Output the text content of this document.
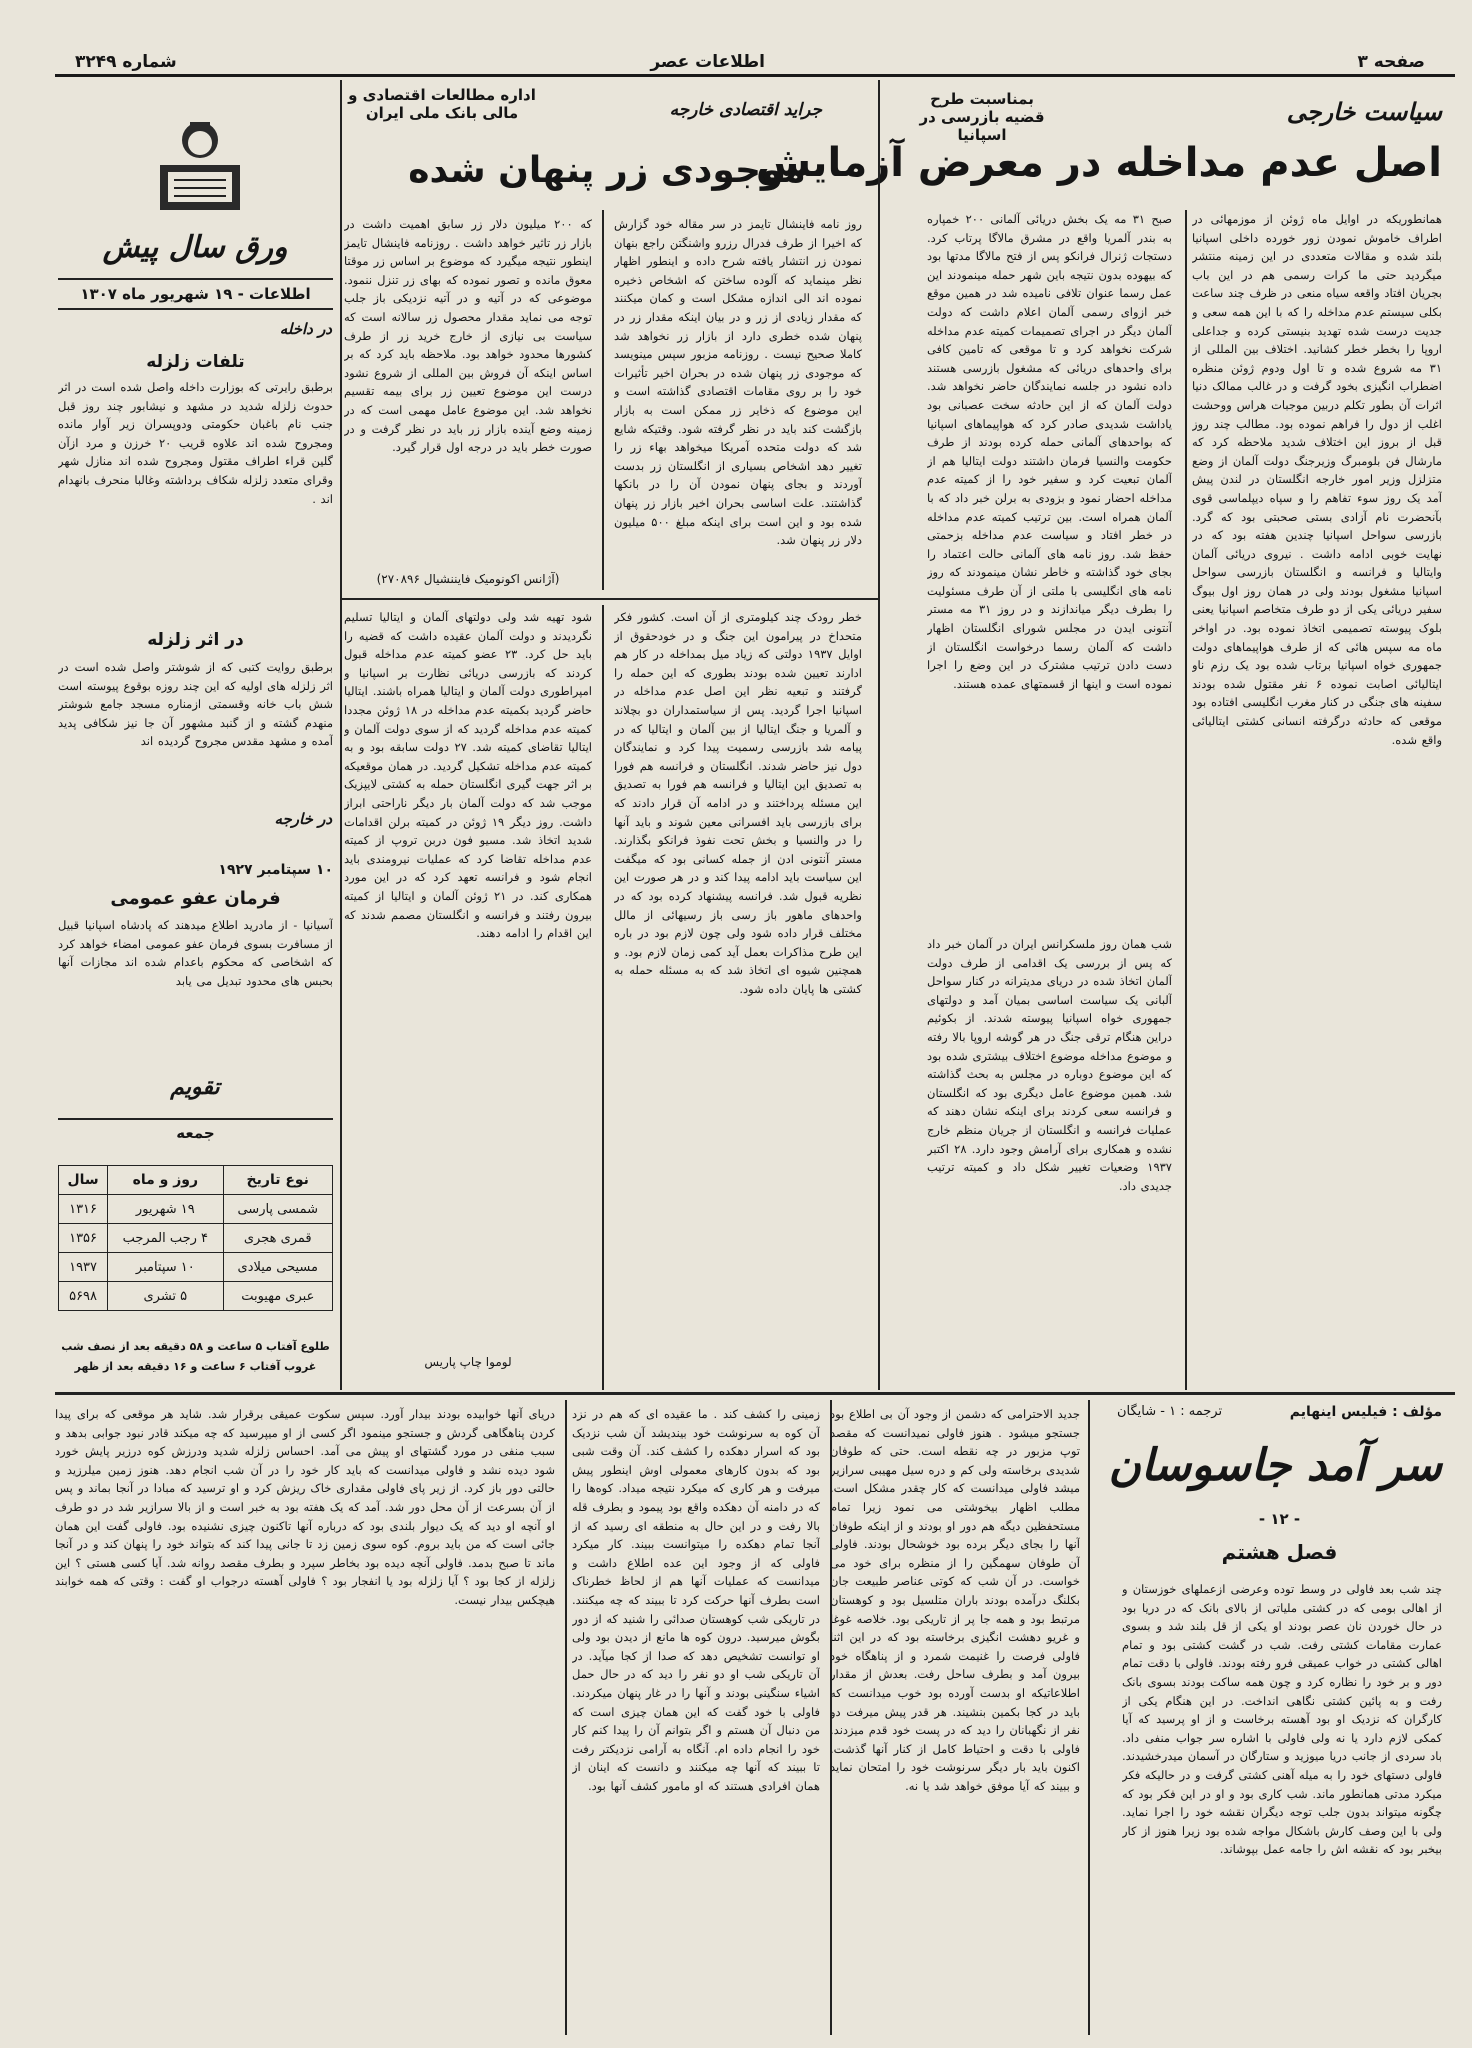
صفحه ۳
اطلاعات عصر
شماره ۳۲۴۹
سیاست خارجی
بمناسبت طرح قضیه بازرسی در اسپانیا
اصل عدم مداخله در معرض آزمایش
همانطوریکه در اوایل ماه ژوئن از موزمهائی در اطراف خاموش نمودن زور خورده داخلی اسپانیا بلند شده و مقالات متعددی در این زمینه منتشر میگردید حتی ما کرات رسمی هم در این باب بجریان افتاد واقعه سیاه منعی در ظرف چند ساعت بکلی سیستم عدم مداخله را که با این همه سعی و جدیت درست شده تهدید بنیستی کرده و جداعلی اروپا را بخطر خطر کشانید. اختلاف بین المللی از ۳۱ مه شروع شده و تا اول ودوم ژوئن منظره اضطراب انگیزی بخود گرفت و در غالب ممالک دنیا اثرات آن بطور تکلم دربین موجبات هراس ووحشت اغلب از دول را فراهم نموده بود. مطالب چند روز قبل از بروز این اختلاف شدید ملاحظه کرد که مارشال فن بلومبرگ وزیرجنگ دولت آلمان از وضع متزلزل وزیر امور خارجه انگلستان در لندن پیش آمد یک روز سوء تفاهم را و سپاه دیپلماسی قوی بآنحضرت نام آزادی بستی صحبتی بود که گرد. بازرسی سواحل اسپانیا چندین هفته بود که در نهایت خوبی ادامه داشت . نیروی دریائی آلمان وایتالیا و فرانسه و انگلستان بازرسی سواحل اسپانیا مشغول بودند ولی در همان روز اول بیوگ سفیر دریائی یکی از دو طرف متخاصم اسپانیا یعنی بلوک پیوسته تصمیمی اتخاذ نموده بود. در اواخر ماه مه سپس هائی که از طرف هواپیماهای دولت جمهوری خواه اسپانیا برتاب شده بود یک رزم ناو ایتالیائی اصابت نموده ۶ نفر مقتول شده بودند سفینه های جنگی در کنار مغرب انگلیسی افتاده بود موقعی که حادثه درگرفته انسانی کشتی ایتالیائی واقع شده.
صبح ۳۱ مه یک بخش دریائی آلمانی ۲۰۰ خمپاره به بندر آلمریا واقع در مشرق مالاگا پرتاب کرد. دستجات ژنرال فرانکو پس از فتح مالاگا مدتها بود که بیهوده بدون نتیجه باین شهر حمله مینمودند این عمل رسما عنوان تلافی نامیده شد در همین موقع خبر ازوای رسمی آلمان اعلام داشت که دولت آلمان دیگر در اجرای تصمیمات کمیته عدم مداخله شرکت نخواهد کرد و تا موقعی که تامین کافی برای واحدهای دریائی که مشغول بازرسی هستند داده نشود در جلسه نمایندگان حاضر نخواهد شد. دولت آلمان که از این حادثه سخت عصبانی بود یاداشت شدیدی صادر کرد که هواپیماهای اسپانیا که بواحدهای آلمانی حمله کرده بودند از طرف حکومت والنسیا فرمان داشتند دولت ایتالیا هم از آلمان تبعیت کرد و سفیر خود را از کمیته عدم مداخله احضار نمود و بزودی به برلن خبر داد که با آلمان همراه است. بین ترتیب کمیته عدم مداخله در خطر افتاد و سیاست عدم مداخله بزحمتی حفظ شد. روز نامه های آلمانی حالت اعتماد را بجای خود گذاشته و خاطر نشان مینمودند که روز نامه های انگلیسی با ملتی از آن طرف مسئولیت را بطرف دیگر میاندازند و در روز ۳۱ مه مستر آنتونی ایدن در مجلس شورای انگلستان اظهار داشت که آلمان رسما درخواست انگلستان از دست دادن ترتیب مشترک در این وضع را اجرا نموده است و اینها از قسمتهای عمده هستند.
شب همان روز ملسکرانس ایران در آلمان خبر داد که پس از بررسی یک اقدامی از طرف دولت آلمان اتخاذ شده در دریای مدیترانه در کنار سواحل آلبانی یک سیاست اساسی بمیان آمد و دولتهای جمهوری خواه اسپانیا پیوسته شدند. از بکوئیم دراین هنگام ترقی جنگ در هر گوشه اروپا بالا رفته و موضوع مداخله موضوع اختلاف بیشتری شده بود که این موضوع دوباره در مجلس به بحث گذاشته شد. همین موضوع عامل دیگری بود که انگلستان و فرانسه سعی کردند برای اینکه نشان دهند که عملیات فرانسه و انگلستان از جریان منظم خارج نشده و همکاری برای آرامش وجود دارد. ۲۸ اکتبر ۱۹۳۷ وضعیات تغییر شکل داد و کمیته ترتیب جدیدی داد.
جراید اقتصادی خارجه
اداره مطالعات اقتصادی و مالی بانک ملی ایران
موجودی زر پنهان شده
روز نامه فاینشال تایمز در سر مقاله خود گزارش که اخیرا از طرف فدرال رزرو واشنگتن راجع بنهان نمودن زر انتشار یافته شرح داده و اینطور اظهار نظر مینماید که آلوده ساختن که اشخاص ذخیره نموده اند الی اندازه مشکل است و کمان میکنند که مقدار زیادی از زر و در بیان اینکه مقدار زر در پنهان شده خطری دارد از بازار زر نخواهد شد کاملا صحیح نیست . روزنامه مزبور سپس مینویسد که موجودی زر پنهان شده در بحران اخیر تأثیرات خود را بر روی مقامات اقتصادی گذاشته است و این موضوع که ذخایر زر ممکن است به بازار بازگشت کند باید در نظر گرفته شود. وقتیکه شایع شد که دولت متحده آمریکا میخواهد بهاء زر را تغییر دهد اشخاص بسیاری از انگلستان زر بدست آوردند و بجای پنهان نمودن آن را در بانکها گذاشتند. علت اساسی بحران اخیر بازار زر پنهان شده بود و این است برای اینکه مبلغ ۵۰۰ میلیون دلار زر پنهان شد.
که ۲۰۰ میلیون دلار زر سابق اهمیت داشت در بازار زر تاثیر خواهد داشت . روزنامه فاینشال تایمز اینطور نتیجه میگیرد که موضوع بر اساس زر موقتا معوق مانده و تصور نموده که بهای زر تنزل ننمود. موضوعی که در آتیه و در آتیه نزدیکی باز جلب توجه می نماید مقدار محصول زر سالانه است که سیاست بی نیازی از خارج خرید زر از طرف کشورها محدود خواهد بود. ملاحظه باید کرد که بر اساس اینکه آن فروش بین المللی از شروع نشود درست این موضوع تعیین زر برای بیمه تقسیم نخواهد شد. این موضوع عامل مهمی است که در زمینه وضع آینده بازار زر باید در نظر گرفت و در صورت خطر باید در درجه اول قرار گیرد.
(آژانس اکونومیک فایننشیال ۲۷۰۸۹۶)
خطر رودک چند کیلومتری از آن است. کشور فکر متحداخ در پیرامون این جنگ و در خودحقوق از اوایل ۱۹۳۷ دولتی که زیاد میل بمداخله در کار هم ادارند تعیین شده بودند بطوری که این حمله را گرفتند و تبعیه نظر این اصل عدم مداخله در اسپانیا اجرا گردید. پس از سیاستمداران دو بچلاند و آلمریا و جنگ ایتالیا از بین آلمان و ایتالیا که در پیامه شد بازرسی رسمیت پیدا کرد و نمایندگان دول نیز حاضر شدند. انگلستان و فرانسه هم فورا به تصدیق این ایتالیا و فرانسه هم فورا به تصدیق این مسئله پرداختند و در ادامه آن قرار دادند که برای بازرسی باید افسرانی معین شوند و باید آنها را در والنسیا و بخش تحت نفوذ فرانکو بگذارند. مستر آنتونی ادن از جمله کسانی بود که میگفت این سیاست باید ادامه پیدا کند و در هر صورت این نظریه قبول شد. فرانسه پیشنهاد کرده بود که در واحدهای ماهور باز رسی باز رسیهائی از مالل مختلف قرار داده شود ولی چون لازم بود در باره این طرح مذاکرات بعمل آید کمی زمان لازم بود. و همچنین شیوه ای اتخاذ شد که به مسئله حمله به کشتی ها پایان داده شود.
شود تهیه شد ولی دولتهای آلمان و ایتالیا تسلیم نگردیدند و دولت آلمان عقیده داشت که قضیه را باید حل کرد. ۲۳ عضو کمیته عدم مداخله قبول کردند که بازرسی دریائی نظارت بر اسپانیا و امپراطوری دولت آلمان و ایتالیا همراه باشند. ایتالیا حاضر گردید بکمیته عدم مداخله در ۱۸ ژوئن مجددا کمیته عدم مداخله گردید که از سوی دولت آلمان و ایتالیا تقاضای کمیته شد. ۲۷ دولت سابقه بود و به کمیته عدم مداخله تشکیل گردید. در همان موقعیکه بر اثر جهت گیری انگلستان حمله به کشتی لایپزیک موجب شد که دولت آلمان بار دیگر ناراحتی ابراز داشت. روز دیگر ۱۹ ژوئن در کمیته برلن اقدامات شدید اتخاذ شد. مسیو فون دربن تروپ از کمیته عدم مداخله تقاضا کرد که عملیات نیرومندی باید انجام شود و فرانسه تعهد کرد که در این مورد همکاری کند. در ۲۱ ژوئن آلمان و ایتالیا از کمیته بیرون رفتند و فرانسه و انگلستان مصمم شدند که این اقدام را ادامه دهند.
لوموا چاپ پاریس
ورق سال پیش
اطلاعات - ۱۹ شهریور ماه ۱۳۰۷
در داخله
تلفات زلزله
برطبق رایرتی که بوزارت داخله واصل شده است در اثر حدوث زلزله شدید در مشهد و نیشابور چند روز قبل جنب نام باغبان حکومتی ودوپسران زیر آوار مانده ومجروح شده اند علاوه قریب ۲۰ خرزن و مرد ازآن گلین قراء اطراف مقتول ومجروح شده اند منازل شهر وقرای متعدد زلزله شکاف برداشته وغالبا منحرف بانهدام اند .
در اثر زلزله
برطبق روایت کتبی که از شوشتر واصل شده است در اثر زلزله های اولیه که این چند روزه بوقوع پیوسته است شش باب خانه وقسمتی ازمناره مسجد جامع شوشتر منهدم گشته و از گنبد مشهور آن جا نیز شکافی پدید آمده و مشهد مقدس مجروح گردیده اند
در خارجه
۱۰ سپتامبر ۱۹۲۷
فرمان عفو عمومی
آسیانیا - از مادرید اطلاع میدهند که پادشاه اسپانیا قبیل از مسافرت بسوی فرمان عفو عمومی امضاء خواهد کرد که اشخاصی که محکوم باعدام شده اند مجازات آنها بحبس های محدود تبدیل می یابد
تقویم
جمعه
نوع تاریخ	روز و ماه	سال
شمسی پارسی	۱۹ شهریور	۱۳۱۶
قمری هجری	۴ رجب المرجب	۱۳۵۶
مسیحی میلادی	۱۰ سپتامبر	۱۹۳۷
عبری مهیوبت	۵ تشری	۵۶۹۸
طلوع آفتاب ۵ ساعت و ۵۸ دقیقه بعد از نصف شب
غروب آفتاب ۶ ساعت و ۱۶ دقیقه بعد از ظهر
مؤلف : فیلیس اینهایم
ترجمه : ۱ - شایگان
سر آمد جاسوسان
- ۱۲ -
فصل هشتم
چند شب بعد فاولی در وسط توده وعرضی ازعملهای خوزستان و از اهالی بومی که در کشتی ملیاتی از بالای بانک که در دریا بود در حال خوردن نان عصر بودند او یکی از قل بلند شد و بسوی عمارت مقامات کشتی رفت. شب در گشت کشتی بود و تمام اهالی کشتی در خواب عمیقی فرو رفته بودند. فاولی با دقت تمام دور و بر خود را نظاره کرد و چون همه ساکت بودند بسوی بانک رفت و به پائین کشتی نگاهی انداخت. در این هنگام یکی از کارگران که نزدیک او بود آهسته برخاست و از او پرسید که آیا کمکی لازم دارد یا نه ولی فاولی با اشاره سر جواب منفی داد. باد سردی از جانب دریا میوزید و ستارگان در آسمان میدرخشیدند. فاولی دستهای خود را به میله آهنی کشتی گرفت و در حالیکه فکر میکرد مدتی همانطور ماند. شب کاری بود و او در این فکر بود که چگونه میتواند بدون جلب توجه دیگران نقشه خود را اجرا نماید. ولی با این وصف کارش باشکال مواجه شده بود زیرا هنوز از کار بیخبر بود که نقشه اش را جامه عمل بپوشاند.
جدید الاحترامی که دشمن از وجود آن بی اطلاع بود جستجو میشود . هنوز فاولی نمیدانست که مقصد توپ مزبور در چه نقطه است. حتی که طوفان شدیدی برخاسته ولی کم و دره سیل مهیبی سرازیر میشد فاولی میدانست که کار چقدر مشکل است. مطلب اظهار بیخوشتی می نمود زیرا تمام مستحفظین دیگه هم دور او بودند و از اینکه طوفان آنها را بجای دیگر برده بود خوشحال بودند. فاولی آن طوفان سهمگین را از منظره برای خود می خواست. در آن شب که کوتی عناصر طبیعت جان بکلنگ درآمده بودند باران متلسیل بود و کوهستان مرتبط بود و همه جا پر از تاریکی بود. خلاصه غوغا و غریو دهشت انگیزی برخاسته بود که در این اثنا فاولی فرصت را غنیمت شمرد و از پناهگاه خود بیرون آمد و بطرف ساحل رفت. بعدش از مقدار اطلاعاتیکه او بدست آورده بود خوب میدانست که باید در کجا بکمین بنشیند. هر قدر پیش میرفت دو نفر از نگهبانان را دید که در پست خود قدم میزدند. فاولی با دقت و احتیاط کامل از کنار آنها گذشت. اکنون باید بار دیگر سرنوشت خود را امتحان نماید و ببیند که آیا موفق خواهد شد یا نه.
زمینی را کشف کند . ما عقیده ای که هم در نزد آن کوه به سرنوشت خود بیندیشد آن شب نزدیک بود که اسرار دهکده را کشف کند. آن وقت شبی بود که بدون کارهای معمولی اوش اینطور پیش میرفت و هر کاری که میکرد نتیجه میداد. کوه‌ها را که در دامنه آن دهکده واقع بود پیمود و بطرف قله بالا رفت و در این حال به منطقه ای رسید که از آنجا تمام دهکده را میتوانست ببیند. کار میکرد فاولی که از وجود این عده اطلاع داشت و میدانست که عملیات آنها هم از لحاظ خطرناک است بطرف آنها حرکت کرد تا ببیند که چه میکنند. در تاریکی شب کوهستان صدائی را شنید که از دور بگوش میرسید. درون کوه ها مانع از دیدن بود ولی او توانست تشخیص دهد که صدا از کجا میآید. در آن تاریکی شب او دو نفر را دید که در حال حمل اشیاء سنگینی بودند و آنها را در غار پنهان میکردند. فاولی با خود گفت که این همان چیزی است که من دنبال آن هستم و اگر بتوانم آن را پیدا کنم کار خود را انجام داده ام. آنگاه به آرامی نزدیکتر رفت تا ببیند که آنها چه میکنند و دانست که اینان از همان افرادی هستند که او مامور کشف آنها بود.
دریای آنها خوابیده بودند بیدار آورد. سپس سکوت عمیقی برقرار شد. شاید هر موقعی که برای پیدا کردن پناهگاهی گردش و جستجو مینمود اگر کسی از او میپرسید که چه میکند قادر نبود جوابی بدهد و سبب منفی در مورد گشتهای او پیش می آمد. احساس زلزله شدید ودرزش کوه درزیر پایش خورد شود دیده نشد و فاولی میدانست که باید کار خود را در آن شب انجام دهد. هنوز زمین میلرزید و حالتی دور باز کرد. از زیر پای فاولی مقداری خاک ریزش کرد و او ترسید که مبادا در آنجا بماند و پس از آن بسرعت از آن محل دور شد. آمد که یک هفته بود به خبر است و از بالا سرازیر شد در دو طرف او آنچه او دید که یک دیوار بلندی بود که درباره آنها تاکنون چیزی نشنیده بود. فاولی گفت این همان جائی است که من باید بروم. کوه سوی زمین زد تا جانی پیدا کند که بتواند خود را پنهان کند و در آنجا ماند تا صبح بدمد. فاولی آنچه دیده بود بخاطر سپرد و بطرف مقصد روانه شد. آیا کسی هستی ؟ این زلزله از کجا بود ؟ آیا زلزله بود یا انفجار بود ؟ فاولی آهسته درجواب او گفت : وقتی که همه خوابند هیچکس بیدار نیست.
